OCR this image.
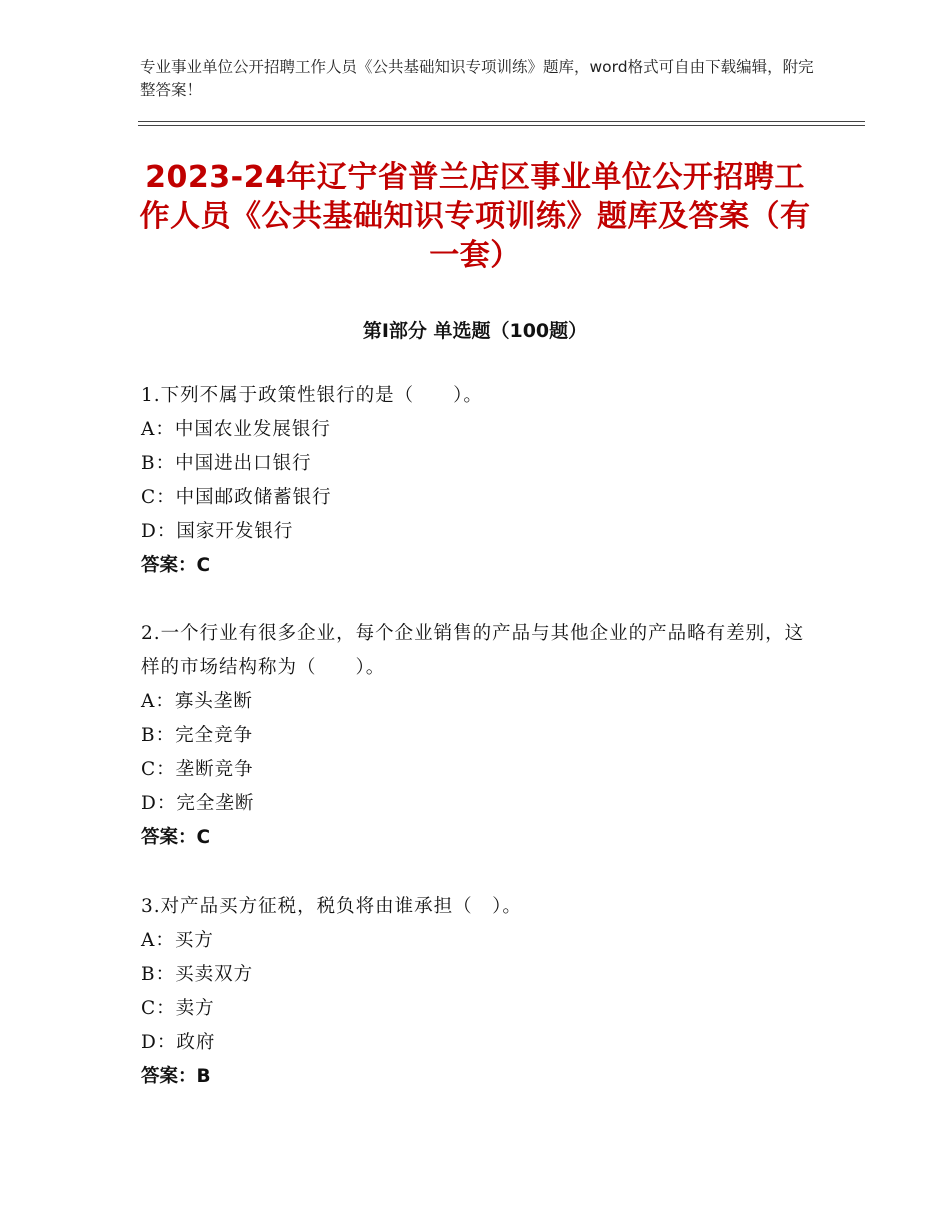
专业事业单位公开招聘工作人员《公共基础知识专项训练》题库，word格式可自由下载编辑，附完整答案！
2023-24年辽宁省普兰店区事业单位公开招聘工作人员《公共基础知识专项训练》题库及答案（有一套）
第Ⅰ部分 单选题（100题）
1.下列不属于政策性银行的是（　　）。
A：中国农业发展银行
B：中国进出口银行
C：中国邮政储蓄银行
D：国家开发银行
答案：C
2.一个行业有很多企业，每个企业销售的产品与其他企业的产品略有差别，这样的市场结构称为（　　）。
A：寡头垄断
B：完全竞争
C：垄断竞争
D：完全垄断
答案：C
3.对产品买方征税，税负将由谁承担（　）。
A：买方
B：买卖双方
C：卖方
D：政府
答案：B
